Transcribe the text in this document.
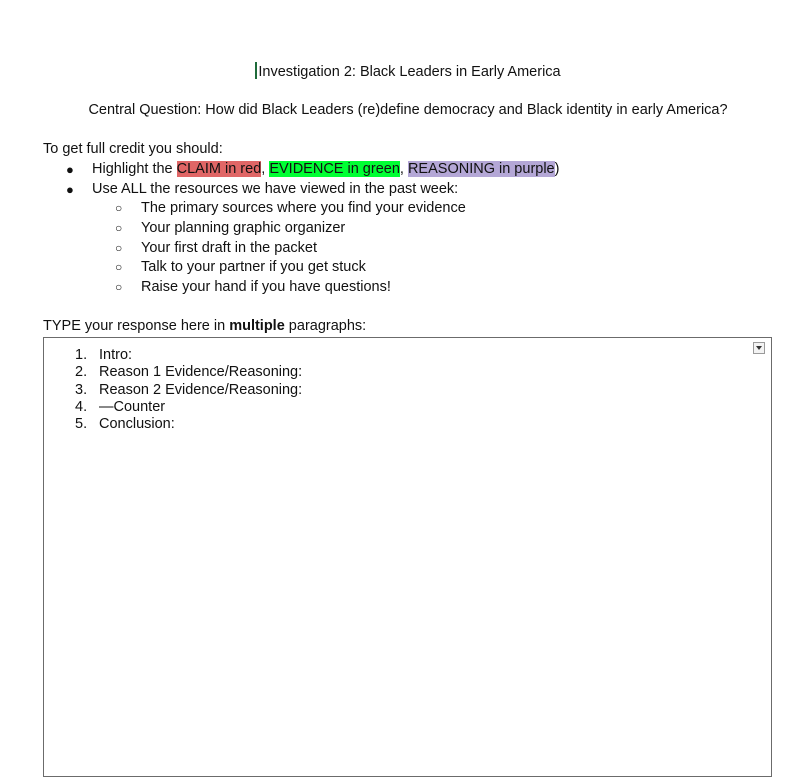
Investigation 2: Black Leaders in Early America
Central Question: How did Black Leaders (re)define democracy and Black identity in early America?
To get full credit you should:
● Highlight the CLAIM in red, EVIDENCE in green, REASONING in purple)
● Use ALL the resources we have viewed in the past week:
○ The primary sources where you find your evidence
○ Your planning graphic organizer
○ Your first draft in the packet
○ Talk to your partner if you get stuck
○ Raise your hand if you have questions!
TYPE your response here in multiple paragraphs:
1. Intro:
2. Reason 1 Evidence/Reasoning:
3. Reason 2 Evidence/Reasoning:
4. —Counter
5. Conclusion:
